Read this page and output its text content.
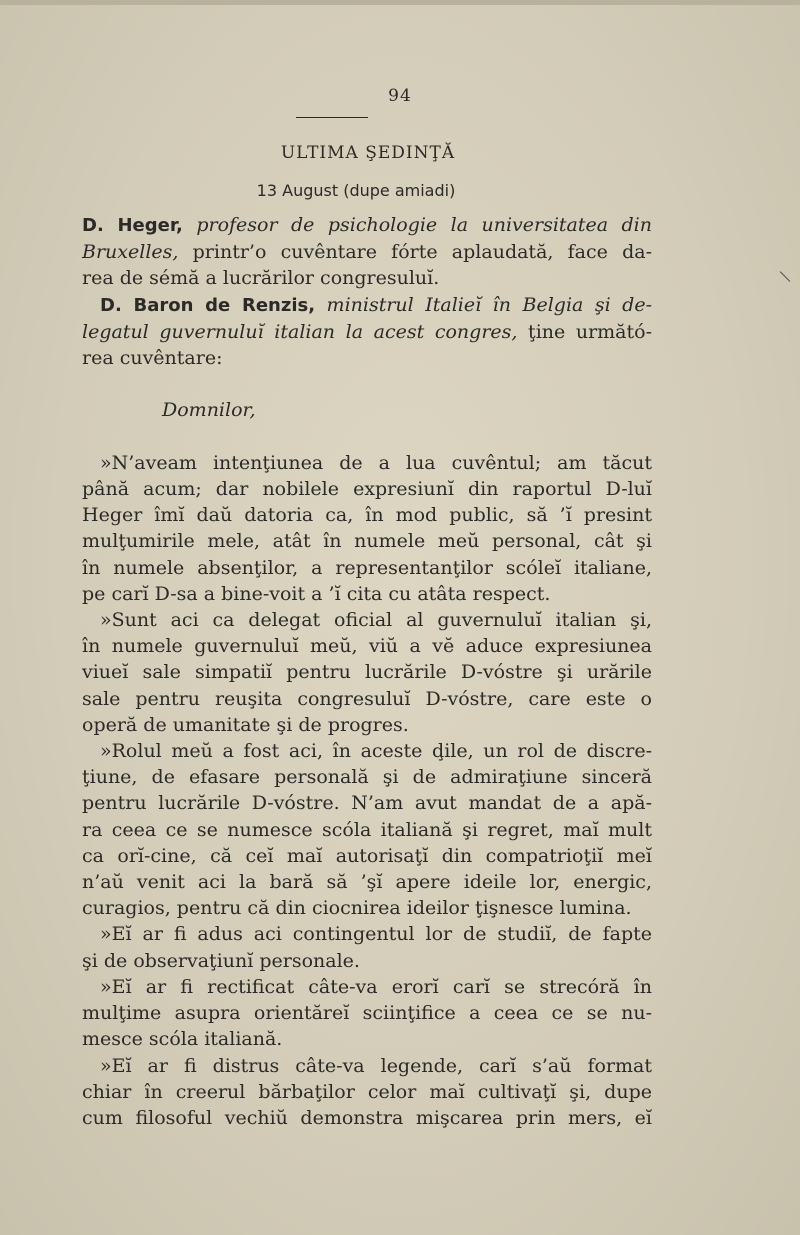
94
ULTIMA ŞEDINŢĂ
13 August (dupe amiadi)
D. Heger, profesor de psichologie la universitatea din
Bruxelles, printr’o cuvêntare fórte aplaudată, face da-
rea de sémă a lucrărilor congresuluĭ.
D. Baron de Renzis, ministrul Italieĭ în Belgia şi de-
legatul guvernuluĭ italian la acest congres, ţine următó-
rea cuvêntare:

Domnilor,

»N’aveam intenţiunea de a lua cuvêntul; am tăcut
până acum; dar nobilele expresiunĭ din raportul D-luĭ
Heger îmĭ daŭ datoria ca, în mod public, să ’ĭ presint
mulţumirile mele, atât în numele meŭ personal, cât şi
în numele absenţilor, a representanţilor scóleĭ italiane,
pe carĭ D-sa a bine-voit a ’ĭ cita cu atâta respect.
»Sunt aci ca delegat oficial al guvernuluĭ italian şi,
în numele guvernuluĭ meŭ, viŭ a vĕ aduce expresiunea
viueĭ sale simpatiĭ pentru lucrările D-vóstre şi urările
sale pentru reuşita congresuluĭ D-vóstre, care este o
operă de umanitate şi de progres.
»Rolul meŭ a fost aci, în aceste ḑile, un rol de discre-
ţiune, de efasare personală şi de admiraţiune sinceră
pentru lucrările D-vóstre. N’am avut mandat de a apă-
ra ceea ce se numesce scóla italiană şi regret, maĭ mult
ca orĭ-cine, că ceĭ maĭ autorisaţĭ din compatrioţiĭ meĭ
n’aŭ venit aci la bară să ’şĭ apere ideile lor, energic,
curagios, pentru că din ciocnirea ideilor ţişnesce lumina.
»Eĭ ar fi adus aci contingentul lor de studiĭ, de fapte
şi de observaţiunĭ personale.
»Eĭ ar fi rectificat câte-va erorĭ carĭ se strecóră în
mulţime asupra orientăreĭ sciinţifice a ceea ce se nu-
mesce scóla italiană.
»Eĭ ar fi distrus câte-va legende, carĭ s’aŭ format
chiar în creerul bărbaţilor celor maĭ cultivaţĭ şi, dupe
cum filosoful vechiŭ demonstra mişcarea prin mers, eĭ
